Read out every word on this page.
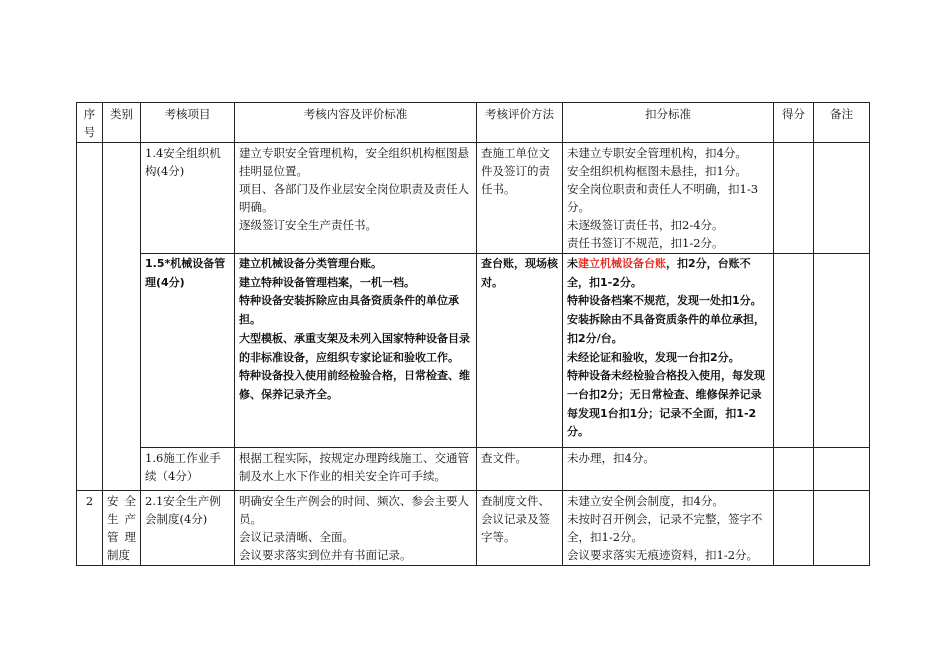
序号	类别	考核项目	考核内容及评价标准	考核评价方法	扣分标准	得分	备注
		1.4安全组织机构(4分)	建立专职安全管理机构，安全组织机构框图悬挂明显位置。
项目、各部门及作业层安全岗位职责及责任人明确。
逐级签订安全生产责任书。	查施工单位文件及签订的责任书。	未建立专职安全管理机构，扣4分。
安全组织机构框图未悬挂，扣1分。
安全岗位职责和责任人不明确，扣1-3分。
未逐级签订责任书，扣2-4分。
责任书签订不规范，扣1-2分。		

		1.5*机械设备管理(4分)	建立机械设备分类管理台账。
建立特种设备管理档案，一机一档。
特种设备安装拆除应由具备资质条件的单位承担。
大型模板、承重支架及未列入国家特种设备目录的非标准设备，应组织专家论证和验收工作。
特种设备投入使用前经检验合格，日常检查、维修、保养记录齐全。	查台账，现场核对。	未建立机械设备台账，扣2分，台账不全，扣1-2分。
特种设备档案不规范，发现一处扣1分。
安装拆除由不具备资质条件的单位承担，扣2分/台。
未经论证和验收，发现一台扣2分。
特种设备未经检验合格投入使用，每发现一台扣2分；无日常检查、维修保养记录每发现1台扣1分；记录不全面，扣1-2分。		

		1.6施工作业手续（4分）	根据工程实际，按规定办理跨线施工、交通管制及水上水下作业的相关安全许可手续。	查文件。	未办理，扣4分。		

2	安全生产管理制度	2.1安全生产例会制度(4分)	明确安全生产例会的时间、频次、参会主要人员。
会议记录清晰、全面。
会议要求落实到位并有书面记录。	查制度文件、会议记录及签字等。	未建立安全例会制度，扣4分。
未按时召开例会，记录不完整，签字不全，扣1-2分。
会议要求落实无痕迹资料，扣1-2分。		
